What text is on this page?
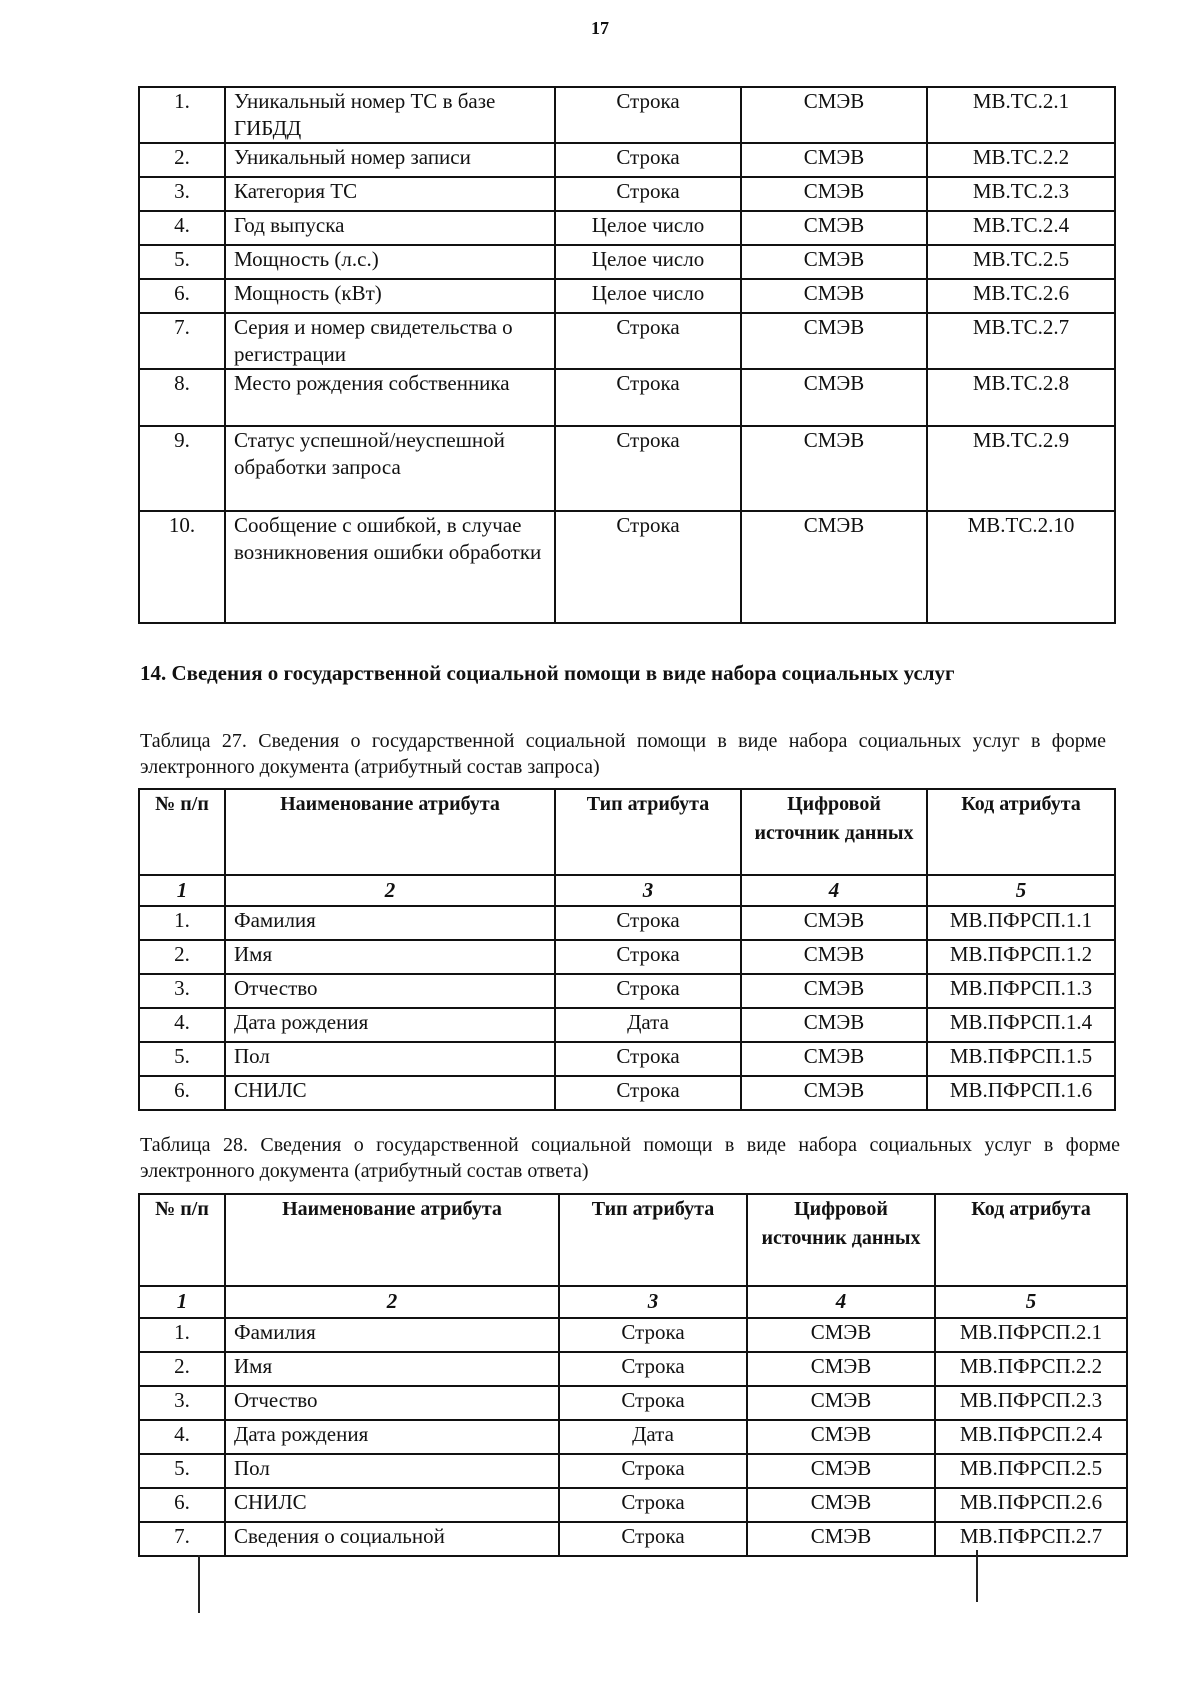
17
1.	Уникальный номер ТС в базе ГИБДД	Строка	СМЭВ	МВ.ТС.2.1
2.	Уникальный номер записи	Строка	СМЭВ	МВ.ТС.2.2
3.	Категория ТС	Строка	СМЭВ	МВ.ТС.2.3
4.	Год выпуска	Целое число	СМЭВ	МВ.ТС.2.4
5.	Мощность (л.с.)	Целое число	СМЭВ	МВ.ТС.2.5
6.	Мощность (кВт)	Целое число	СМЭВ	МВ.ТС.2.6
7.	Серия и номер свидетельства о регистрации	Строка	СМЭВ	МВ.ТС.2.7
8.	Место рождения собственника	Строка	СМЭВ	МВ.ТС.2.8
9.	Статус успешной/неуспешной обработки запроса	Строка	СМЭВ	МВ.ТС.2.9
10.	Сообщение с ошибкой, в случае возникновения ошибки обработки	Строка	СМЭВ	МВ.ТС.2.10
14. Сведения о государственной социальной помощи в виде набора социальных услуг
Таблица 27. Сведения о государственной социальной помощи в виде набора социальных услуг в форме электронного документа (атрибутный состав запроса)
№ п/п	Наименование атрибута	Тип атрибута	Цифровой источник данных	Код атрибута
1	2	3	4	5
1.	Фамилия	Строка	СМЭВ	МВ.ПФРСП.1.1
2.	Имя	Строка	СМЭВ	МВ.ПФРСП.1.2
3.	Отчество	Строка	СМЭВ	МВ.ПФРСП.1.3
4.	Дата рождения	Дата	СМЭВ	МВ.ПФРСП.1.4
5.	Пол	Строка	СМЭВ	МВ.ПФРСП.1.5
6.	СНИЛС	Строка	СМЭВ	МВ.ПФРСП.1.6
Таблица 28. Сведения о государственной социальной помощи в виде набора социальных услуг в форме электронного документа (атрибутный состав ответа)
№ п/п	Наименование атрибута	Тип атрибута	Цифровой источник данных	Код атрибута
1	2	3	4	5
1.	Фамилия	Строка	СМЭВ	МВ.ПФРСП.2.1
2.	Имя	Строка	СМЭВ	МВ.ПФРСП.2.2
3.	Отчество	Строка	СМЭВ	МВ.ПФРСП.2.3
4.	Дата рождения	Дата	СМЭВ	МВ.ПФРСП.2.4
5.	Пол	Строка	СМЭВ	МВ.ПФРСП.2.5
6.	СНИЛС	Строка	СМЭВ	МВ.ПФРСП.2.6
7.	Сведения о социальной	Строка	СМЭВ	МВ.ПФРСП.2.7
